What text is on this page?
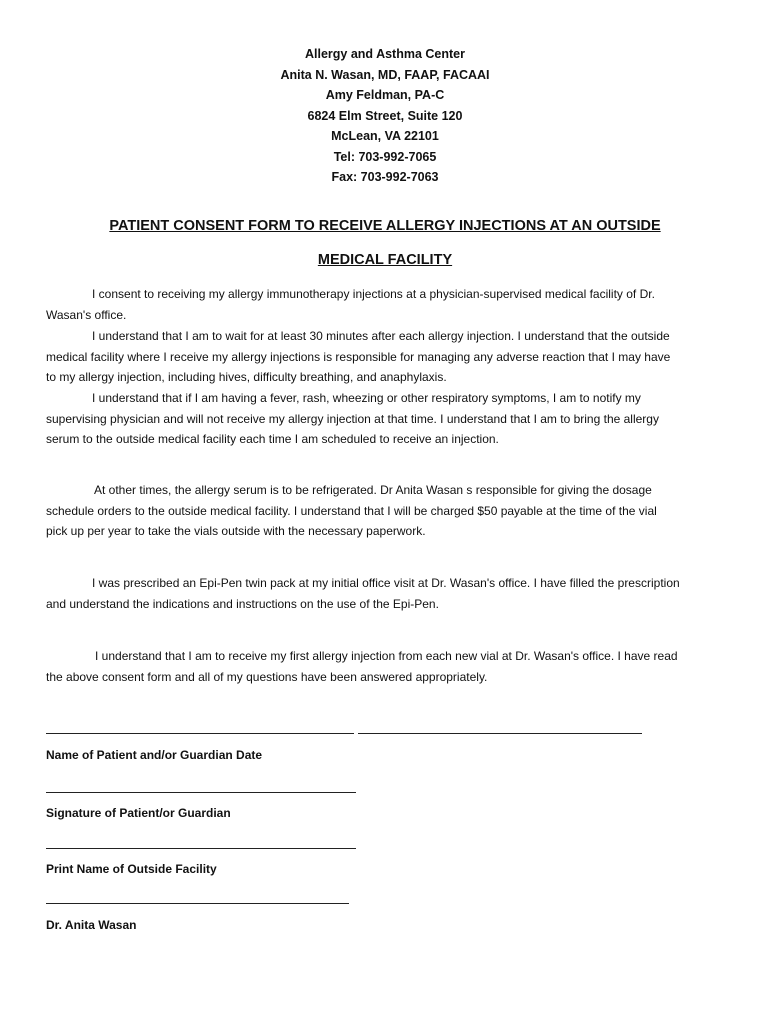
Allergy and Asthma Center
Anita N. Wasan, MD, FAAP, FACAAI
Amy Feldman, PA-C
6824 Elm Street, Suite 120
McLean, VA 22101
Tel: 703-992-7065
Fax: 703-992-7063
PATIENT CONSENT FORM TO RECEIVE ALLERGY INJECTIONS AT AN OUTSIDE
MEDICAL FACILITY
I consent to receiving my allergy immunotherapy injections at a physician-supervised medical facility of Dr.
Wasan's office.
I understand that I am to wait for at least 30 minutes after each allergy injection. I understand that the outside
medical facility where I receive my allergy injections is responsible for managing any adverse reaction that I may have
to my allergy injection, including hives, difficulty breathing, and anaphylaxis.
I understand that if I am having a fever, rash, wheezing or other respiratory symptoms, I am to notify my
supervising physician and will not receive my allergy injection at that time. I understand that I am to bring the allergy
serum to the outside medical facility each time I am scheduled to receive an injection.
At other times, the allergy serum is to be refrigerated. Dr Anita Wasan s responsible for giving the dosage
schedule orders to the outside medical facility. I understand that I will be charged $50 payable at the time of the vial
pick up per year to take the vials outside with the necessary paperwork.
I was prescribed an Epi-Pen twin pack at my initial office visit at Dr. Wasan's office. I have filled the prescription
and understand the indications and instructions on the use of the Epi-Pen.
I understand that I am to receive my first allergy injection from each new vial at Dr. Wasan's office. I have read
the above consent form and all of my questions have been answered appropriately.
Name of Patient and/or Guardian Date
Signature of Patient/or Guardian
Print Name of Outside Facility
Dr. Anita Wasan
